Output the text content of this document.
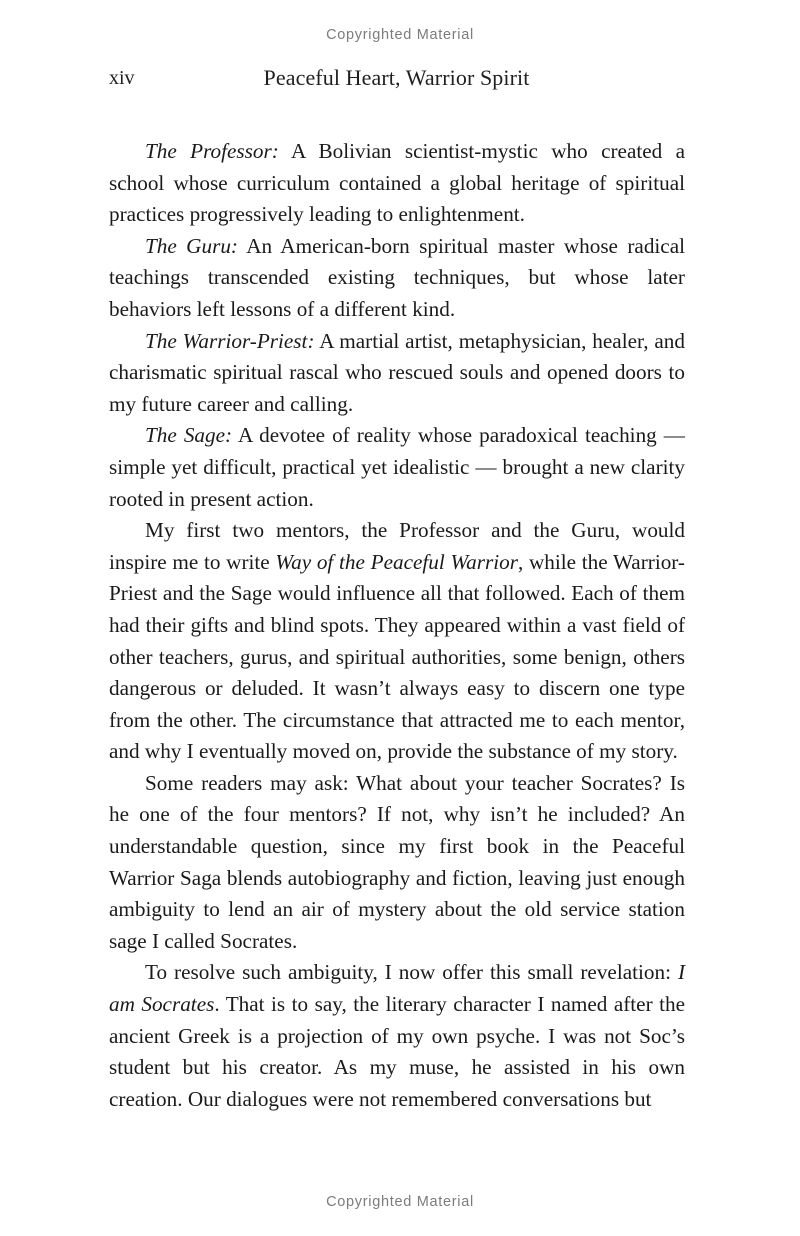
Copyrighted Material
xiv	Peaceful Heart, Warrior Spirit

The Professor: A Bolivian scientist-mystic who created a school whose curriculum contained a global heritage of spiritual practices progressively leading to enlightenment.

The Guru: An American-born spiritual master whose radical teachings transcended existing techniques, but whose later behaviors left lessons of a different kind.

The Warrior-Priest: A martial artist, metaphysician, healer, and charismatic spiritual rascal who rescued souls and opened doors to my future career and calling.

The Sage: A devotee of reality whose paradoxical teaching — simple yet difficult, practical yet idealistic — brought a new clarity rooted in present action.

My first two mentors, the Professor and the Guru, would inspire me to write Way of the Peaceful Warrior, while the Warrior-Priest and the Sage would influence all that followed. Each of them had their gifts and blind spots. They appeared within a vast field of other teachers, gurus, and spiritual authorities, some benign, others dangerous or deluded. It wasn’t always easy to discern one type from the other. The circumstance that attracted me to each mentor, and why I eventually moved on, provide the substance of my story.

Some readers may ask: What about your teacher Socrates? Is he one of the four mentors? If not, why isn’t he included? An understandable question, since my first book in the Peaceful Warrior Saga blends autobiography and fiction, leaving just enough ambiguity to lend an air of mystery about the old service station sage I called Socrates.

To resolve such ambiguity, I now offer this small revelation: I am Socrates. That is to say, the literary character I named after the ancient Greek is a projection of my own psyche. I was not Soc’s student but his creator. As my muse, he assisted in his own creation. Our dialogues were not remembered conversations but

Copyrighted Material
